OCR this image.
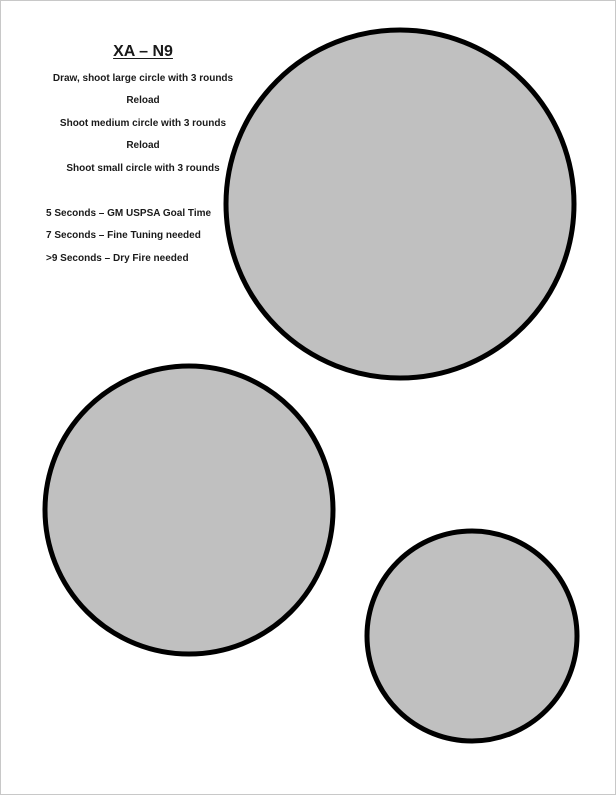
XA – N9

Draw, shoot large circle with 3 rounds

Reload

Shoot medium circle with 3 rounds

Reload

Shoot small circle with 3 rounds

5 Seconds – GM USPSA Goal Time

7 Seconds – Fine Tuning needed

>9 Seconds – Dry Fire needed
